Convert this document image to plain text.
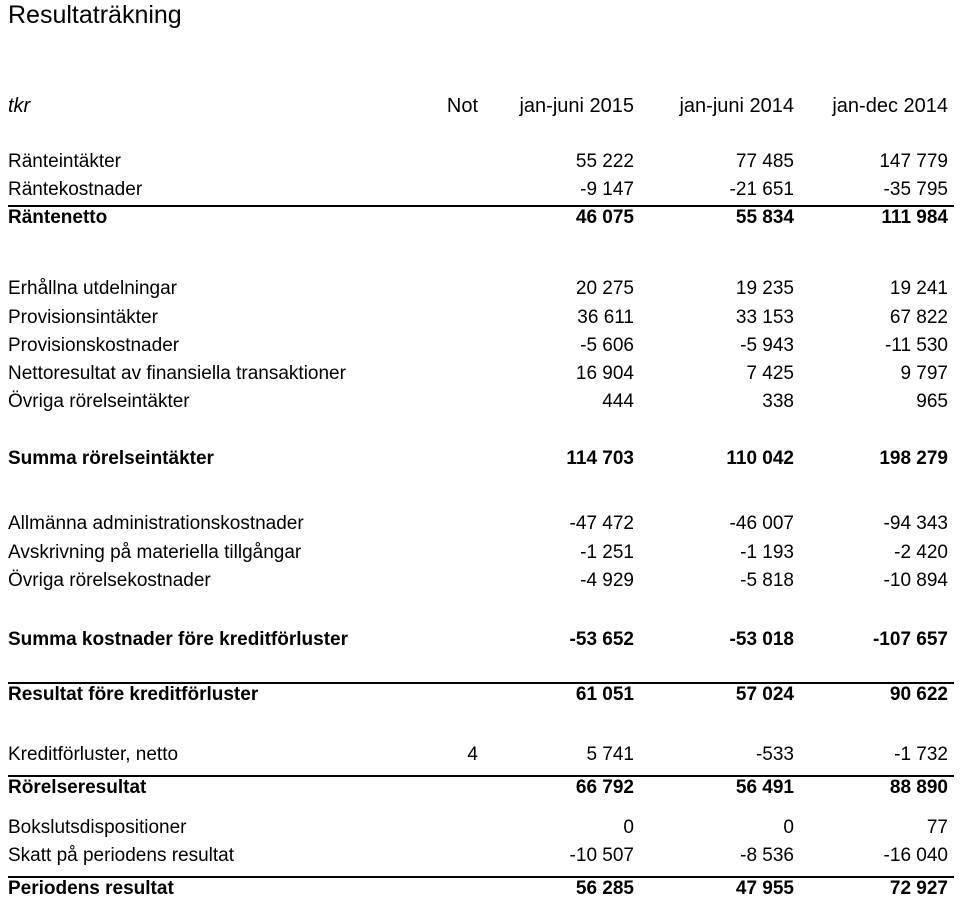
Resultaträkning
tkr	Not jan-juni 2015 jan-juni 2014 jan-dec 2014
Ränteintäkter	55 222	77 485	147 779
Räntekostnader	-9 147	-21 651	-35 795
Räntenetto	46 075	55 834	111 984
Erhållna utdelningar	20 275	19 235	19 241
Provisionsintäkter	36 611	33 153	67 822
Provisionskostnader	-5 606	-5 943	-11 530
Nettoresultat av finansiella transaktioner	16 904	7 425	9 797
Övriga rörelseintäkter	444	338	965
Summa rörelseintäkter	114 703	110 042	198 279
Allmänna administrationskostnader	-47 472	-46 007	-94 343
Avskrivning på materiella tillgångar	-1 251	-1 193	-2 420
Övriga rörelsekostnader	-4 929	-5 818	-10 894
Summa kostnader före kreditförluster	-53 652	-53 018	-107 657
Resultat före kreditförluster	61 051	57 024	90 622
Kreditförluster, netto	4	5 741	-533	-1 732
Rörelseresultat	66 792	56 491	88 890
Bokslutsdispositioner	0	0	77
Skatt på periodens resultat	-10 507	-8 536	-16 040
Periodens resultat	56 285	47 955	72 927
